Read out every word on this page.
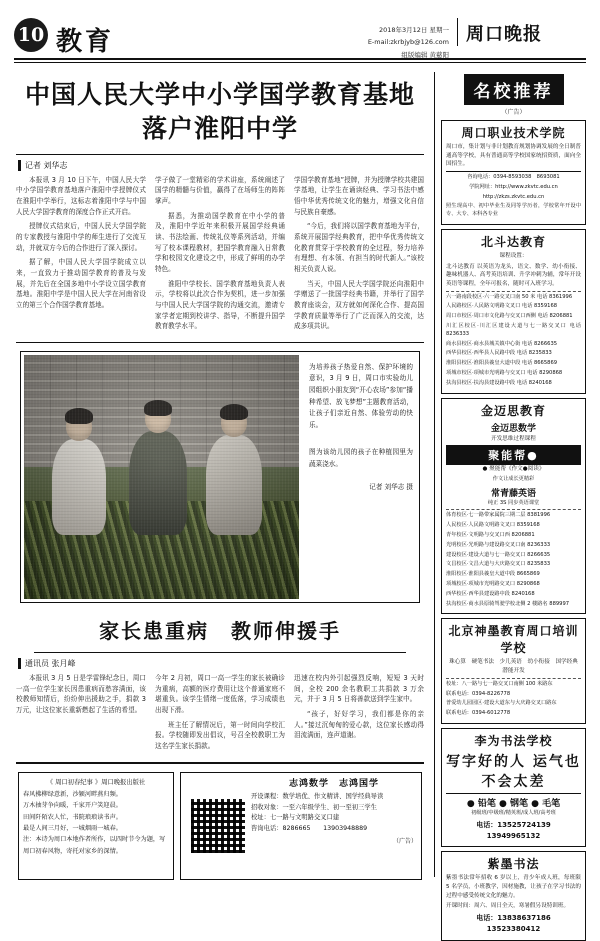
10 教育	2018年3月12日 星期一
E-mail:zkrbjyb@126.com
组版编辑 黄慈阳
周口晚报
中国人民大学中小学国学教育基地
落户淮阳中学
记者 刘华志

本报讯 3 月 10 日下午，中国人民大学中小学国学教育基地落户淮阳中学授牌仪式在淮阳中学举行，这标志着淮阳中学与中国人民大学国学教育的深度合作正式开启。

授牌仪式结束后，中国人民大学国学院的专家教授与淮阳中学的师生进行了交流互动，并就双方今后的合作进行了深入探讨。

据了解，中国人民大学国学院成立以来，一直致力于推动国学教育的普及与发展，并先后在全国多地中小学设立国学教育基地。淮阳中学是中国人民大学在河南省设立的第三个合作国学教育基地。

学子做了一堂精彩的学术讲座，系统阐述了国学的精髓与价值，赢得了在场师生的阵阵掌声。

据悉，为推动国学教育在中小学的普及，淮阳中学近年来积极开展国学经典诵读、书法绘画、传统礼仪等系列活动，并编写了校本课程教材，把国学教育融入日常教学和校园文化建设之中，形成了鲜明的办学特色。

淮阳中学校长、国学教育基地负责人表示，学校将以此次合作为契机，进一步加强与中国人民大学国学院的沟通交流，邀请专家学者定期到校讲学、指导，不断提升国学教育教学水平。

学国学教育基地”授牌，并为授牌学校共建国学基地，让学生在诵读经典、学习书法中感悟中华优秀传统文化的魅力，增强文化自信与民族自豪感。

“今后，我们将以国学教育基地为平台，系统开展国学经典教育，把中华优秀传统文化教育贯穿于学校教育的全过程，努力培养有理想、有本领、有担当的时代新人。”该校相关负责人说。

当天，中国人民大学国学院还向淮阳中学赠送了一批国学经典书籍，并举行了国学教育座谈会，双方就如何深化合作、提高国学教育质量等举行了广泛而深入的交流，达成多项共识。

为培养孩子热爱自然、保护环境的意识，3 月 9 日，周口市实验幼儿园组织小朋友到“开心农场”参加“播种希望、放飞梦想”主题教育活动，让孩子们亲近自然、体验劳动的快乐。
图为该幼儿园的孩子在种植园里为蔬菜浇水。
记者 刘华志 摄
家长患重病　教师伸援手
通讯员 张月峰

本报讯 3 月 5 日是学雷锋纪念日，周口一高一位学生家长因患重病而愁容满面，该校教师知情后，纷纷伸出援助之手，捐款 3 万元，让这位家长重新燃起了生活的希望。

今年 2 月初，周口一高一学生的家长被确诊为重病，高额的医疗费用让这个普通家庭不堪重负。该学生情绪一度低落，学习成绩也出现下滑。

班主任了解情况后，第一时间向学校汇报。学校随即发出倡议，号召全校教职工为这名学生家长捐款。

迅速在校内外引起强烈反响，短短 3 天时间，全校 200 余名教职工共捐款 3 万余元，并于 3 月 5 日将善款送到学生家中。

“孩子，好好学习，我们都是你的亲人。”接过沉甸甸的爱心款，这位家长感动得泪流满面，连声道谢。

《 周口初春纪事 》周口晚报出版社
春风拂柳绿意新，沙颍河畔燕归频。
万木抽芽争向暖，千家开户笑迎晨。
田间阡陌农人忙，书院琅琅读书声。
最是人间三月好，一城烟雨一城春。
注：本诗为周口本地作者所作，以四时节令为题，写周口初春风物，寄托对家乡的深情。
志鸿数学　志鸿国学
开设课程：数学培优、作文精讲、国学经典导读
招收对象：一至六年级学生、初一至初三学生
校址：七一路与文明路交叉口建
咨询电话：8286665　　13903948889
（广告）
名校推荐
（广告）
周口职业技术学院

周口市，集计划与非计划教育规划协调发展的全日制普通高等学校，具有普通高等学校国家统招资质，面向全国招生。

咨询电话：0394-8593038　8693081

学院网址：http://www.zkvtc.edu.cn

http://zkzs.zkvtc.edu.cn

照生现高中、初中毕业生及同等学历者，学校常年开设中专、大专、本科各专业

北斗达教育

课程设置：

北斗达教育 以英语为龙头，语文、数学、幼小衔接、趣味机器人、高考英语培训、升学冲刺为辅，常年开设英语等课程，全年可报名，随时可入班学习。

六一路南段校区·六一路交叉口南 50 米 电话 8361996

人民路校区·人民路文明路文叉口 电话 8359168

周口市校区·周口市文化路与交叉口西侧 电话 8206881

川汇区校区·川汇区建设大道与七一路交叉口 电话 8236333

商水县校区·商水县城关镇中心街 电话 8266635

西华县校区·西华县人民路中段 电话 8235833

淮阳县校区·淮阳县羲皇大道中段 电话 8665869

项城市校区·项城市光明路与交叉口 电话 8290868

扶沟县校区·扶沟县建设路中段 电话 8240168

金迈思教育
金迈思数学

开发思维过程课程

聚能帮●

● 聚能帮《作文●阅读》

作文让成长更精彩

常青藤英语

纯正 3S 同步英语课堂

体育校区·七一路带家属院三期二层 8381996

人民校区·人民路文明路文叉口 8359168

青年校区·文明路与交叉口西 8206881

光明校区·光明路与建设路交叉口南 8236333

建设校区·建设大道与七一路交叉口 8266635

文昌校区·文昌大道与大庆路交叉口 8235833

淮阳校区·淮阳县羲皇大道中段 8665869

项城校区·项城市光明路交叉口 8290868

西华校区·西华县建设路中段 8240168

扶沟校区·商水县原骑驾驶学校北侧 2 楼路名 889997

北京神墨教育周口培训学校

珠心算　硬笔书法　少儿英语　幼小衔接　国学经典　潜能开发

校址：八一路与七一路交叉口南侧 100 米路东

联系电话：0394-8226778

普爱幼儿园园区·建设大道东与大庆路交叉口路东

联系电话：0394-6012778

李为书法学校
写字好的人 运气也不会太差
● 铅笔 ● 钢笔 ● 毛笔

初级班/中级班/精英班/成人班/高考班

电话：13525724139　13949965132

紫墨书法

紫墨书法常年招收 6 岁以上，青少年成人班，每班限 5 名学员，小班教学，因材施教，让孩子在学习书法的过程中感受传统文化的魅力。

开课时间：周六、周日全天，寒暑假另设特训班。

电话：13838637186　13523380412
